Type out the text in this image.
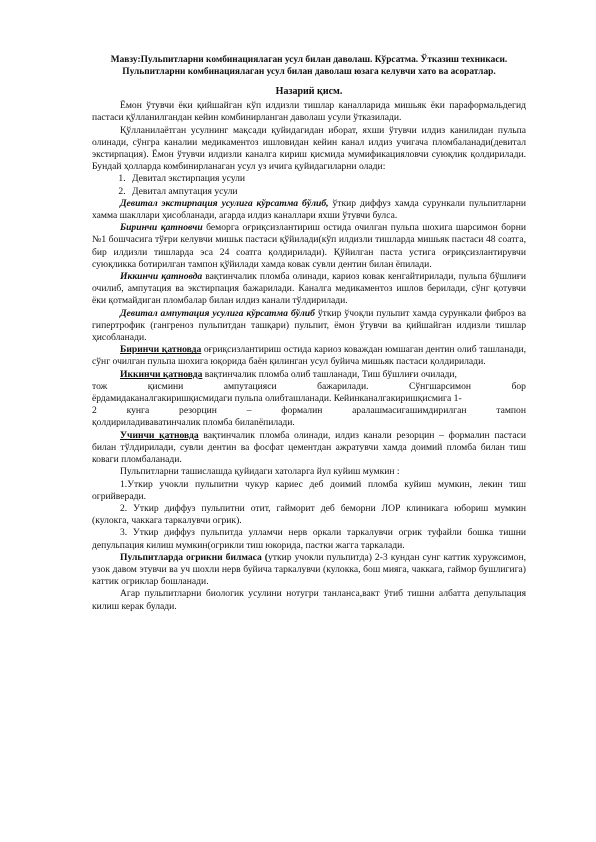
Мавзу:Пульпитларни комбинациялаган усул билан даволаш. Кўрсатма. Ўтказиш техникаси.
Пульпитларни комбинациялаган усул билан даволаш юзага келувчи хато ва асоратлар.
Назарий қисм.

Ёмон ўтувчи ёки қийшайган кўп илдизли тишлар каналларида мишьяк ёки параформальдегид пастаси қўлланилгандан кейин комбинирланган даволаш усули ўтказилади.

Қўлланилаётган усулнинг мақсади қуйидагидан иборат, яхши ўтувчи илдиз канилидан пульпа олинади, сўнгра каналии медикаментоз ишловидан кейин канал илдиз учигача пломбаланади(девитал экстирпация). Ёмон ўтувчи илдизли каналга кириш қисмида мумификацияловчи суюқлик қолдирилади. Бундай ҳолларда комбинирланаган усул уз ичига қуйидагиларни олади:

1. Девитал экстирпация усули
2. Девитал ампутация усули

Девитал экстирпация усулига кўрсатма бўлиб, ўткир диффуз хамда сурункали пульпитларни хамма шакллари ҳисобланади, агарда илдиз каналлари яхши ўтувчи булса.

Биринчи қатновчи беморга оғриқсизлантириш остида очилган пульпа шохига шарсимон борни №1 бошчасига тўғри келувчи мишьк пастаси қўйилади(кўп илдизли тишларда мишьяк пастаси 48 соатга, бир илдизли тишларда эса 24 соатга қолдирилади). Қўйилган паста устига оғриқсизлантирувчи суюқликка ботирилган тампон қўйилади хамда ковак сувли дентин билан ёпилади.

Иккинчи қатновда вақтинчалик пломба олинади, кариоз ковак кенгайтирилади, пульпа бўшлиғи очилиб, ампутация ва экстирпация бажарилади. Каналга медикаментоз ишлов берилади, сўнг қотувчи ёки қотмайдиган пломбалар билан илдиз канали тўлдирилади.

Девитал ампутация усулига кўрсатма бўлиб ўткир ўчоқли пульпит хамда сурункали фиброз ва гипертрофик (гангреноз пульпитдан ташқари) пульпит, ёмон ўтувчи ва қийшайган илдизли тишлар ҳисобланади.

Биринчи қатновда оғриқсизлантириш остида кариоз коваждан юмшаган дентин олиб ташланади, сўнг очилган пульпа шохига юқорида баён қилинган усул буйича мишьяк пастаси қолдирилади.

Иккинчи қатновда вақтинчалик пломба олиб ташланади, Тиш бўшлиғи очилади,

тож	қисмини	ампутацияси	бажарилади.	Сўнгшарсимон	бор

ёрдамидаканалгакиришқисмидаги пульпа олибташланади. Кейинканалгакиришқисмига 1-

2	кунга	резорцин	–	формалин	аралашмасигашимдирилган	тампон

қолдириладиваватинчалик пломба билаnёпилади.

Учинчи қатновда вақтинчалик пломба олинади, илдиз канали резорцин – формалин пастаси билан тўлдирилади, сувли дентин ва фосфат цементдан ажратувчи хамда доимий пломба билан тиш коваги пломбаланади.

Пульпитларни ташислашда қуйидаги хатоларга йул куйиш мумкин :

1.Уткир учокли пульпитни чукур кариес деб доимий пломба куйиш мумкин, лекин тиш огрийверади.

2. Уткир диффуз пульпитни отит, гайморит деб беморни ЛОР клиникага юбориш мумкин (кулокга, чаккага таркалувчи огрик).

3. Уткир диффуз пульпитда улламчи нерв оркали таркалувчи огрик туфайли бошка тишни депульпация килиш мумкин(огрикли тиш юкорида, пастки жагга таркалади.

Пульпитларда огрикни билмаса (уткир учокли пульпитда) 2-3 кундан сунг каттик хуружсимон, узок давом этувчи ва уч шохли нерв буйича таркалувчи (кулокка, бош мияга, чаккага, гаймор бушлигига) каттик огриклар бошланади.

Агар пульпитларни биологик усулини нотугри танланса,вакт ўтиб тишни албатта депульпация килиш керак булади.
